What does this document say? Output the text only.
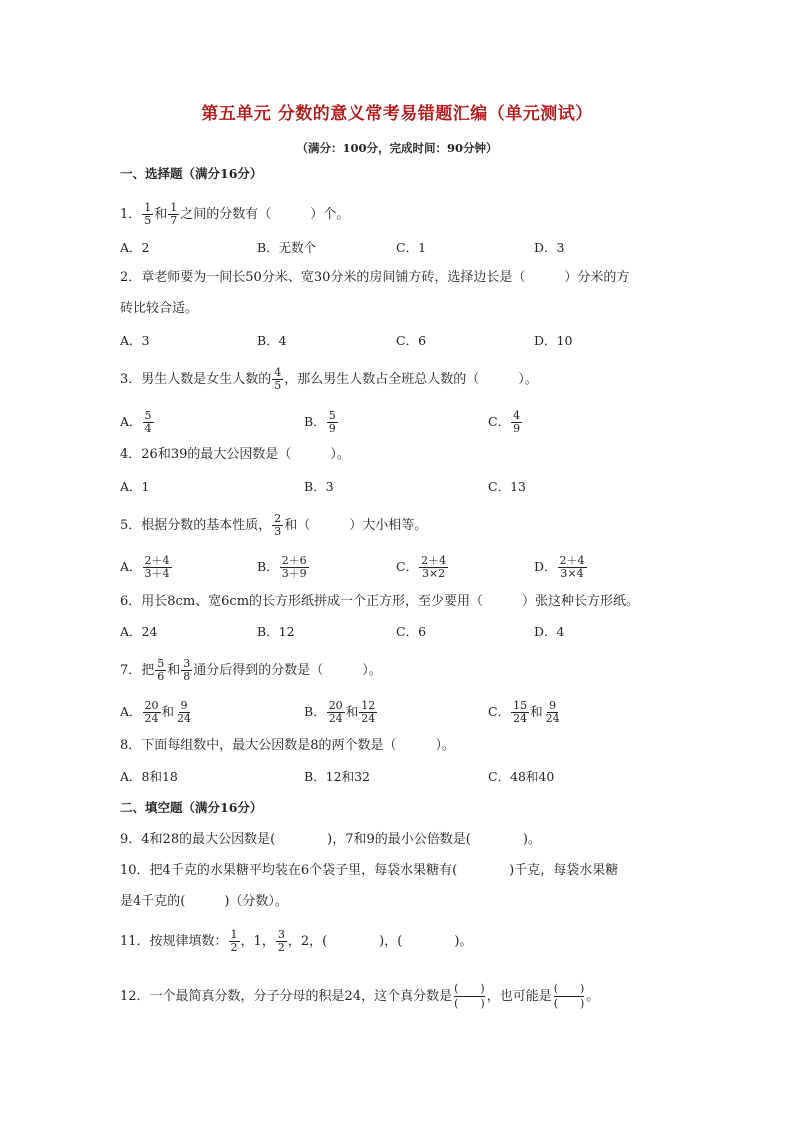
第五单元 分数的意义常考易错题汇编（单元测试）
（满分：100分，完成时间：90分钟）
一、选择题（满分16分）
1． $\frac{1}{5}$ 和 $\frac{1}{7}$ 之间的分数有（　　　）个。
A．2	B．无数个	C．1	D．3
2．章老师要为一间长50分米、宽30分米的房间铺方砖，选择边长是（　　　）分米的方
砖比较合适。
A．3	B．4	C．6	D．10
3．男生人数是女生人数的 $\frac{4}{5}$ ，那么男生人数占全班总人数的（　　　）。
A． $\frac{5}{4}$	B． $\frac{5}{9}$	C． $\frac{4}{9}$
4．26和39的最大公因数是（　　　）。
A．1	B．3	C．13
5．根据分数的基本性质， $\frac{2}{3}$ 和（　　　）大小相等。
A． $\frac{2+4}{3+4}$	B． $\frac{2+6}{3+9}$	C． $\frac{2+4}{3\times 2}$	D． $\frac{2+4}{3\times 4}$
6．用长8cm、宽6cm的长方形纸拼成一个正方形，至少要用（　　　）张这种长方形纸。
A．24	B．12	C．6	D．4
7．把 $\frac{5}{6}$ 和 $\frac{3}{8}$ 通分后得到的分数是（　　　）。
A． $\frac{20}{24}$ 和 $\frac{9}{24}$	B． $\frac{20}{24}$ 和 $\frac{12}{24}$	C． $\frac{15}{24}$ 和 $\frac{9}{24}$
8．下面每组数中，最大公因数是8的两个数是（　　　）。
A．8和18	B．12和32	C．48和40
二、填空题（满分16分）
9．4和28的最大公因数是(　　　　)，7和9的最小公倍数是(　　　　)。
10．把4千克的水果糖平均装在6个袋子里，每袋水果糖有(　　　　)千克，每袋水果糖
是4千克的(　　　)（分数）。
11．按规律填数： $\frac{1}{2}$ ，1， $\frac{3}{2}$ ，2，(　　　　)，(　　　　)。
12．一个最简真分数，分子分母的积是24，这个真分数是 $\frac{( )}{( )}$ ，也可能是 $\frac{( )}{( )}$ 。
